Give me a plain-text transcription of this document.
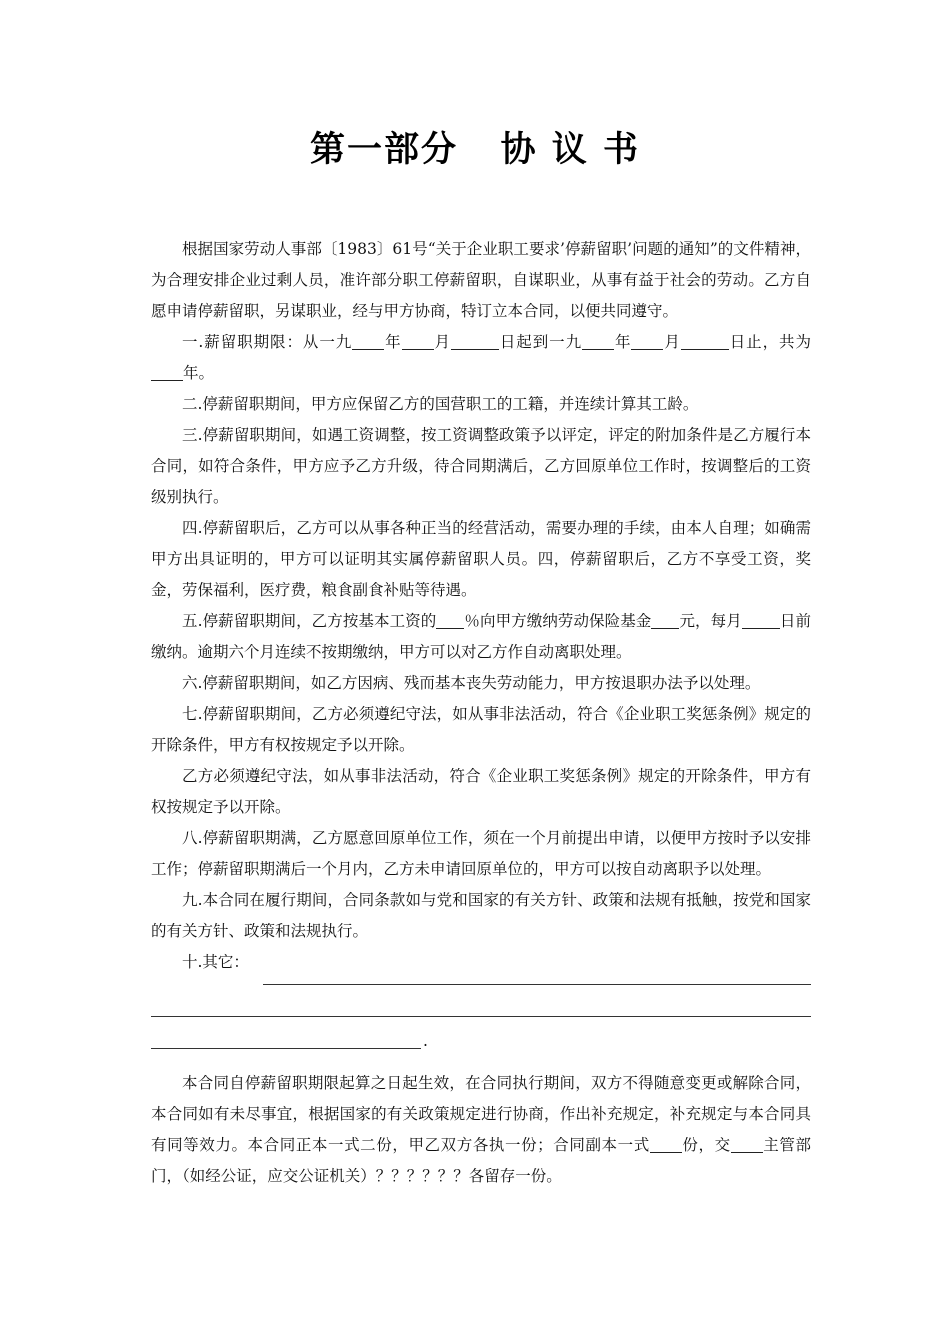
第一部分   协 议 书

根据国家劳动人事部〔1983〕61号“关于企业职工要求’停薪留职’问题的通知”的文件精神，为合理安排企业过剩人员，准许部分职工停薪留职，自谋职业，从事有益于社会的劳动。乙方自愿申请停薪留职，另谋职业，经与甲方协商，特订立本合同，以便共同遵守。

一.薪留职期限：从一九 年 月	日起到一九 年 月	日止，共为年。

二.停薪留职期间，甲方应保留乙方的国营职工的工籍，并连续计算其工龄。

三.停薪留职期间，如遇工资调整，按工资调整政策予以评定，评定的附加条件是乙方履行本合同，如符合条件，甲方应予乙方升级，待合同期满后，乙方回原单位工作时，按调整后的工资级别执行。

四.停薪留职后，乙方可以从事各种正当的经营活动，需要办理的手续，由本人自理；如确需甲方出具证明的，甲方可以证明其实属停薪留职人员。四，停薪留职后，乙方不享受工资，奖金，劳保福利，医疗费，粮食副食补贴等待遇。

五.停薪留职期间，乙方按基本工资的 ％向甲方缴纳劳动保险基金 元，每月 日前缴纳。逾期六个月连续不按期缴纳，甲方可以对乙方作自动离职处理。

六.停薪留职期间，如乙方因病、残而基本丧失劳动能力，甲方按退职办法予以处理。

七.停薪留职期间，乙方必须遵纪守法，如从事非法活动，符合《企业职工奖惩条例》规定的开除条件，甲方有权按规定予以开除。

乙方必须遵纪守法，如从事非法活动，符合《企业职工奖惩条例》规定的开除条件，甲方有权按规定予以开除。

八.停薪留职期满，乙方愿意回原单位工作，须在一个月前提出申请，以便甲方按时予以安排工作；停薪留职期满后一个月内，乙方未申请回原单位的，甲方可以按自动离职予以处理。

九.本合同在履行期间，合同条款如与党和国家的有关方针、政策和法规有抵触，按党和国家的有关方针、政策和法规执行。

十.其它：

.

本合同自停薪留职期限起算之日起生效，在合同执行期间，双方不得随意变更或解除合同，本合同如有未尽事宜，根据国家的有关政策规定进行协商，作出补充规定，补充规定与本合同具有同等效力。本合同正本一式二份，甲乙双方各执一份；合同副本一式 份，交 主管部门，（如经公证，应交公证机关）？？？？？？各留存一份。
